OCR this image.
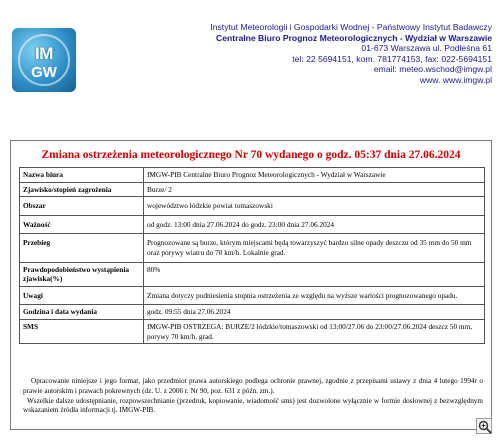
IM
GW
Instytut Meteorologii i Gospodarki Wodnej - Państwowy Instytut Badawczy
Centralne Biuro Prognoz Meteorologicznych - Wydział w Warszawie
01-673 Warszawa ul. Podleśna 61
tel: 22 5694151, kom. 781774153, fax: 022-5694151
email: meteo.wschod@imgw.pl
www. www.imgw.pl
Zmiana ostrzeżenia meteorologicznego Nr 70 wydanego o godz. 05:37 dnia 27.06.2024
Nazwa biura	IMGW-PIB Centralne Biuro Prognoz Meteorologicznych - Wydział w Warszawie
Zjawisko/stopień zagrożenia	Burze/ 2
Obszar	województwo łódzkie powiat tomaszowski
Ważność	od godz. 13:00 dnia 27.06.2024 do godz. 23:00 dnia 27.06.2024
Przebieg	Prognozowane są burze, którym miejscami będą towarzyszyć bardzo silne opady deszczu od 35 mm do 50 mm oraz porywy wiatru do 70 km/h. Lokalnie grad.
Prawdopodobieństwo wystąpienia zjawiska(%)	80%
Uwagi	Zmiana dotyczy podniesienia stopnia ostrzeżenia ze względu na wyższe wartości prognozowanego opadu.
Godzina i data wydania	godz. 09:55 dnia 27.06.2024
SMS	IMGW-PIB OSTRZEGA: BURZE/2 łódzkie/tomaszowski od 13:00/27.06 do 23:00/27.06.2024 deszcz 50 mm, porywy 70 km/h, grad.
Opracowanie niniejsze i jego format, jako przedmiot prawa autorskiego podlega ochronie prawnej, zgodnie z przepisami ustawy z dnia 4 lutego 1994r o prawie autorskim i prawach pokrewnych (dz. U. z 2006 r. Nr 90, poz. 631 z późn. zm.).
Wszelkie dalsze udostępnianie, rozpowszechnianie (przedruk, kopiowanie, wiadomość sms) jest dozwolone wyłącznie w formie dosłownej z bezwzględnym wskazaniem źródła informacji tj. IMGW-PIB.
